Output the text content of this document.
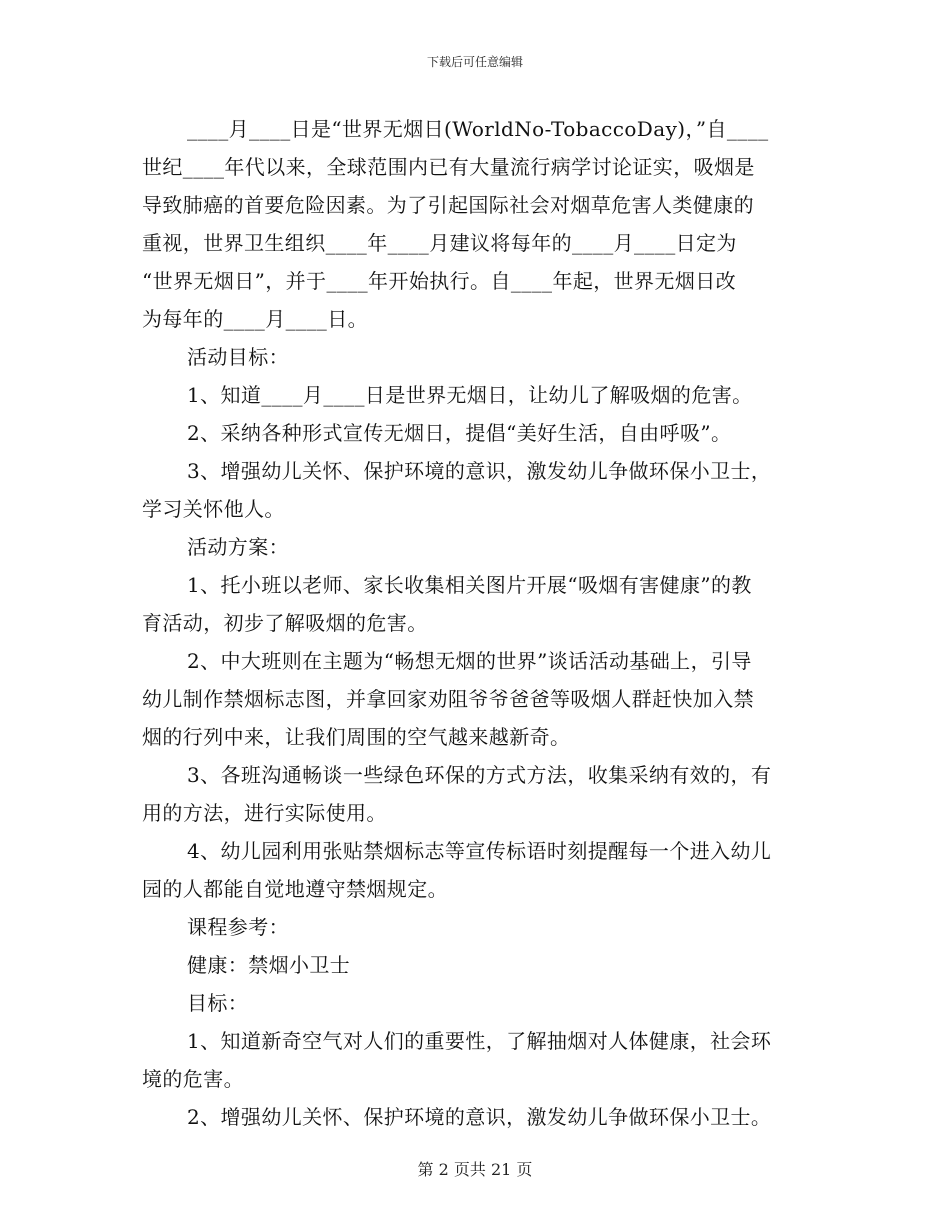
下载后可任意编辑
____月____日是“世界无烟日(WorldNo-TobaccoDay)，”自____
世纪____年代以来，全球范围内已有大量流行病学讨论证实，吸烟是
导致肺癌的首要危险因素。为了引起国际社会对烟草危害人类健康的
重视，世界卫生组织____年____月建议将每年的____月____日定为
“世界无烟日”，并于____年开始执行。自____年起，世界无烟日改
为每年的____月____日。
活动目标：
1、知道____月____日是世界无烟日，让幼儿了解吸烟的危害。
2、采纳各种形式宣传无烟日，提倡“美好生活，自由呼吸”。
3、增强幼儿关怀、保护环境的意识，激发幼儿争做环保小卫士，
学习关怀他人。
活动方案：
1、托小班以老师、家长收集相关图片开展“吸烟有害健康”的教
育活动，初步了解吸烟的危害。
2、中大班则在主题为“畅想无烟的世界”谈话活动基础上，引导
幼儿制作禁烟标志图，并拿回家劝阻爷爷爸爸等吸烟人群赶快加入禁
烟的行列中来，让我们周围的空气越来越新奇。
3、各班沟通畅谈一些绿色环保的方式方法，收集采纳有效的，有
用的方法，进行实际使用。
4、幼儿园利用张贴禁烟标志等宣传标语时刻提醒每一个进入幼儿
园的人都能自觉地遵守禁烟规定。
课程参考：
健康：禁烟小卫士
目标：
1、知道新奇空气对人们的重要性，了解抽烟对人体健康，社会环
境的危害。
2、增强幼儿关怀、保护环境的意识，激发幼儿争做环保小卫士。
第 2 页共 21 页
